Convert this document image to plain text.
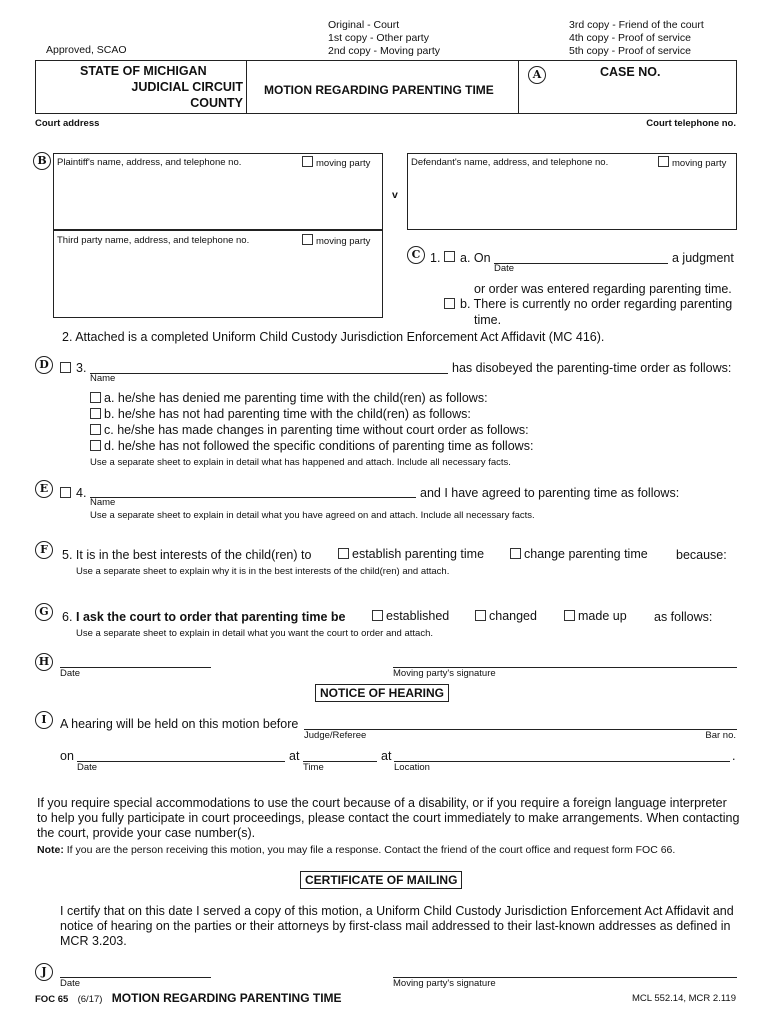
Approved, SCAO
Original - Court
1st copy - Other party
2nd copy - Moving party
3rd copy - Friend of the court
4th copy - Proof of service
5th copy - Proof of service
STATE OF MICHIGAN
JUDICIAL CIRCUIT
COUNTY
MOTION REGARDING PARENTING TIME
A	CASE NO.
Court address	Court telephone no.
B	Plaintiff's name, address, and telephone no.	moving party
v
Defendant's name, address, and telephone no.	moving party
Third party name, address, and telephone no.	moving party
C 1. a. On
Date
a judgment
or order was entered regarding parenting time.
b. There is currently no order regarding parenting
time.
2. Attached is a completed Uniform Child Custody Jurisdiction Enforcement Act Affidavit (MC 416).
D	3.
Name
has disobeyed the parenting-time order as follows:
a. he/she has denied me parenting time with the child(ren) as follows:
b. he/she has not had parenting time with the child(ren) as follows:
c. he/she has made changes in parenting time without court order as follows:
d. he/she has not followed the specific conditions of parenting time as follows:
Use a separate sheet to explain in detail what has happened and attach. Include all necessary facts.
E	4.
Name
and I have agreed to parenting time as follows:
Use a separate sheet to explain in detail what you have agreed on and attach. Include all necessary facts.
F	5. It is in the best interests of the child(ren) to	establish parenting time	change parenting time because:
Use a separate sheet to explain why it is in the best interests of the child(ren) and attach.
G	6. I ask the court to order that parenting time be	established	changed	made up as follows:
Use a separate sheet to explain in detail what you want the court to order and attach.
H
Date	Moving party's signature
NOTICE OF HEARING
I	A hearing will be held on this motion before
Judge/Referee	Bar no.
on
Date
at
Time
at
Location
.
If you require special accommodations to use the court because of a disability, or if you require a foreign language interpreter
to help you fully participate in court proceedings, please contact the court immediately to make arrangements. When contacting
the court, provide your case number(s).
Note: If you are the person receiving this motion, you may file a response. Contact the friend of the court office and request form FOC 66.
CERTIFICATE OF MAILING
I certify that on this date I served a copy of this motion, a Uniform Child Custody Jurisdiction Enforcement Act Affidavit and
notice of hearing on the parties or their attorneys by first-class mail addressed to their last-known addresses as defined in
MCR 3.203.
J
Date	Moving party's signature
FOC 65 (6/17) MOTION REGARDING PARENTING TIME	MCL 552.14, MCR 2.119
